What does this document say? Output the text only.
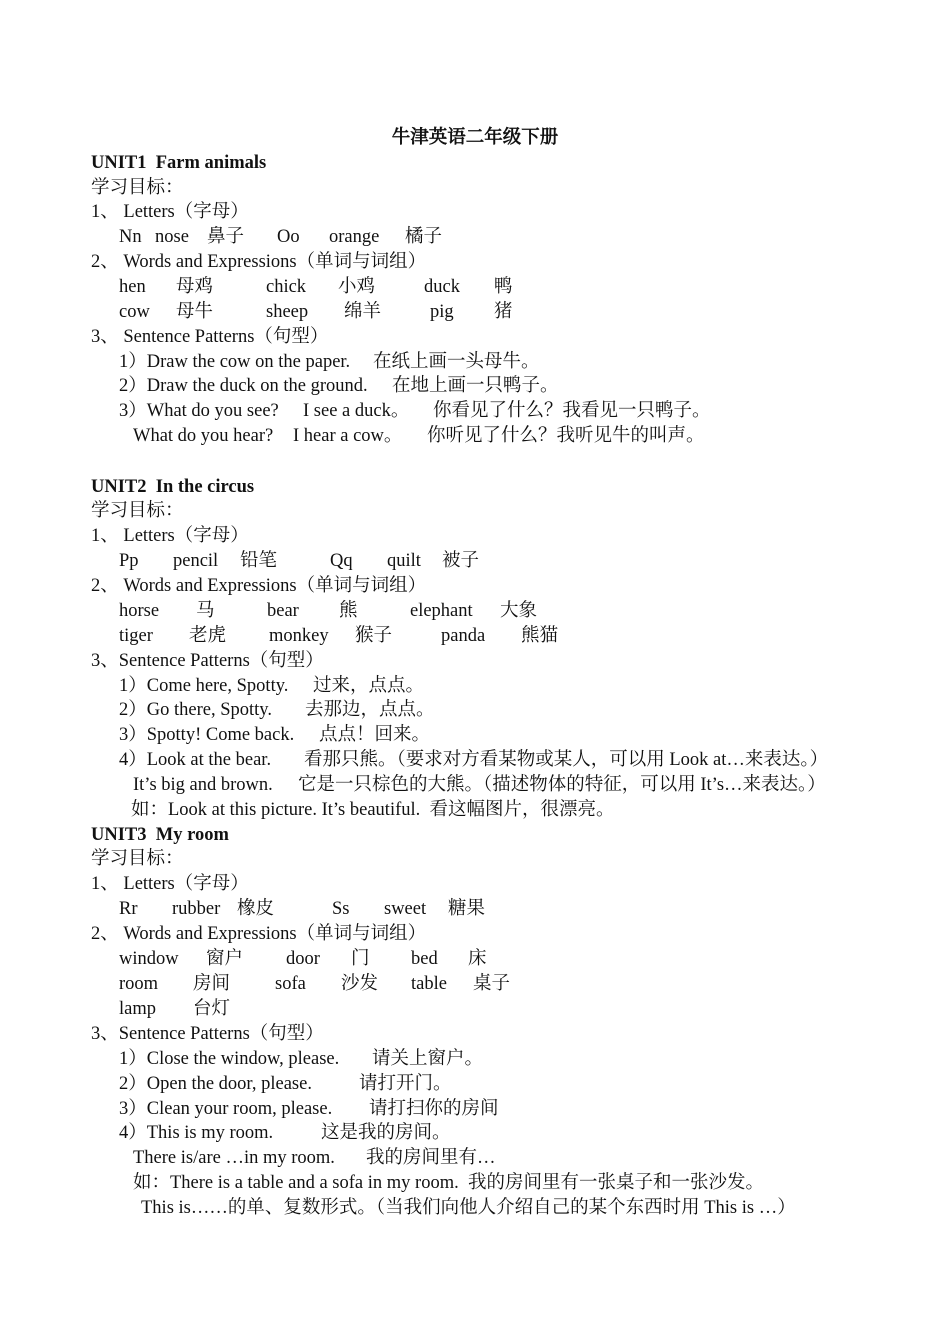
牛津英语二年级下册
UNIT1  Farm animals
学习目标：
1、 Letters（字母）
Nn nose 鼻子	Oo	orange	橘子
2、 Words and Expressions（单词与词组）
hen	母鸡	chick	小鸡	duck	鸭
cow	母牛	sheep	绵羊	pig	猪
3、 Sentence Patterns（句型）
1）Draw the cow on the paper. 在纸上画一头母牛。
2）Draw the duck on the ground. 在地上画一只鸭子。
3）What do you see? I see a duck。 你看见了什么？我看见一只鸭子。
What do you hear? I hear a cow。 你听见了什么？我听见牛的叫声。
UNIT2  In the circus
学习目标：
1、 Letters（字母）
Pp	pencil	铅笔	Qq	quilt	被子
2、 Words and Expressions（单词与词组）
horse	马	bear	熊	elephant	大象
tiger	老虎	monkey	猴子	panda	熊猫
3、Sentence Patterns（句型）
1）Come here, Spotty. 过来，点点。
2）Go there, Spotty. 去那边，点点。
3）Spotty! Come back. 点点！回来。
4）Look at the bear. 看那只熊。（要求对方看某物或某人，可以用 Look at…来表达。）
It’s big and brown. 它是一只棕色的大熊。（描述物体的特征，可以用 It’s…来表达。）
如：Look at this picture. It’s beautiful.  看这幅图片，很漂亮。
UNIT3  My room
学习目标：
1、 Letters（字母）
Rr	rubber 橡皮	Ss	sweet	糖果
2、 Words and Expressions（单词与词组）
window	窗户	door	门	bed	床
room	房间	sofa	沙发	table	桌子
lamp	台灯
3、Sentence Patterns（句型）
1）Close the window, please. 请关上窗户。
2）Open the door, please.	请打开门。
3）Clean your room, please. 请打扫你的房间
4）This is my room.	这是我的房间。
There is/are …in my room. 我的房间里有…
如：There is a table and a sofa in my room.  我的房间里有一张桌子和一张沙发。
This is……的单、复数形式。（当我们向他人介绍自己的某个东西时用 This is …）
